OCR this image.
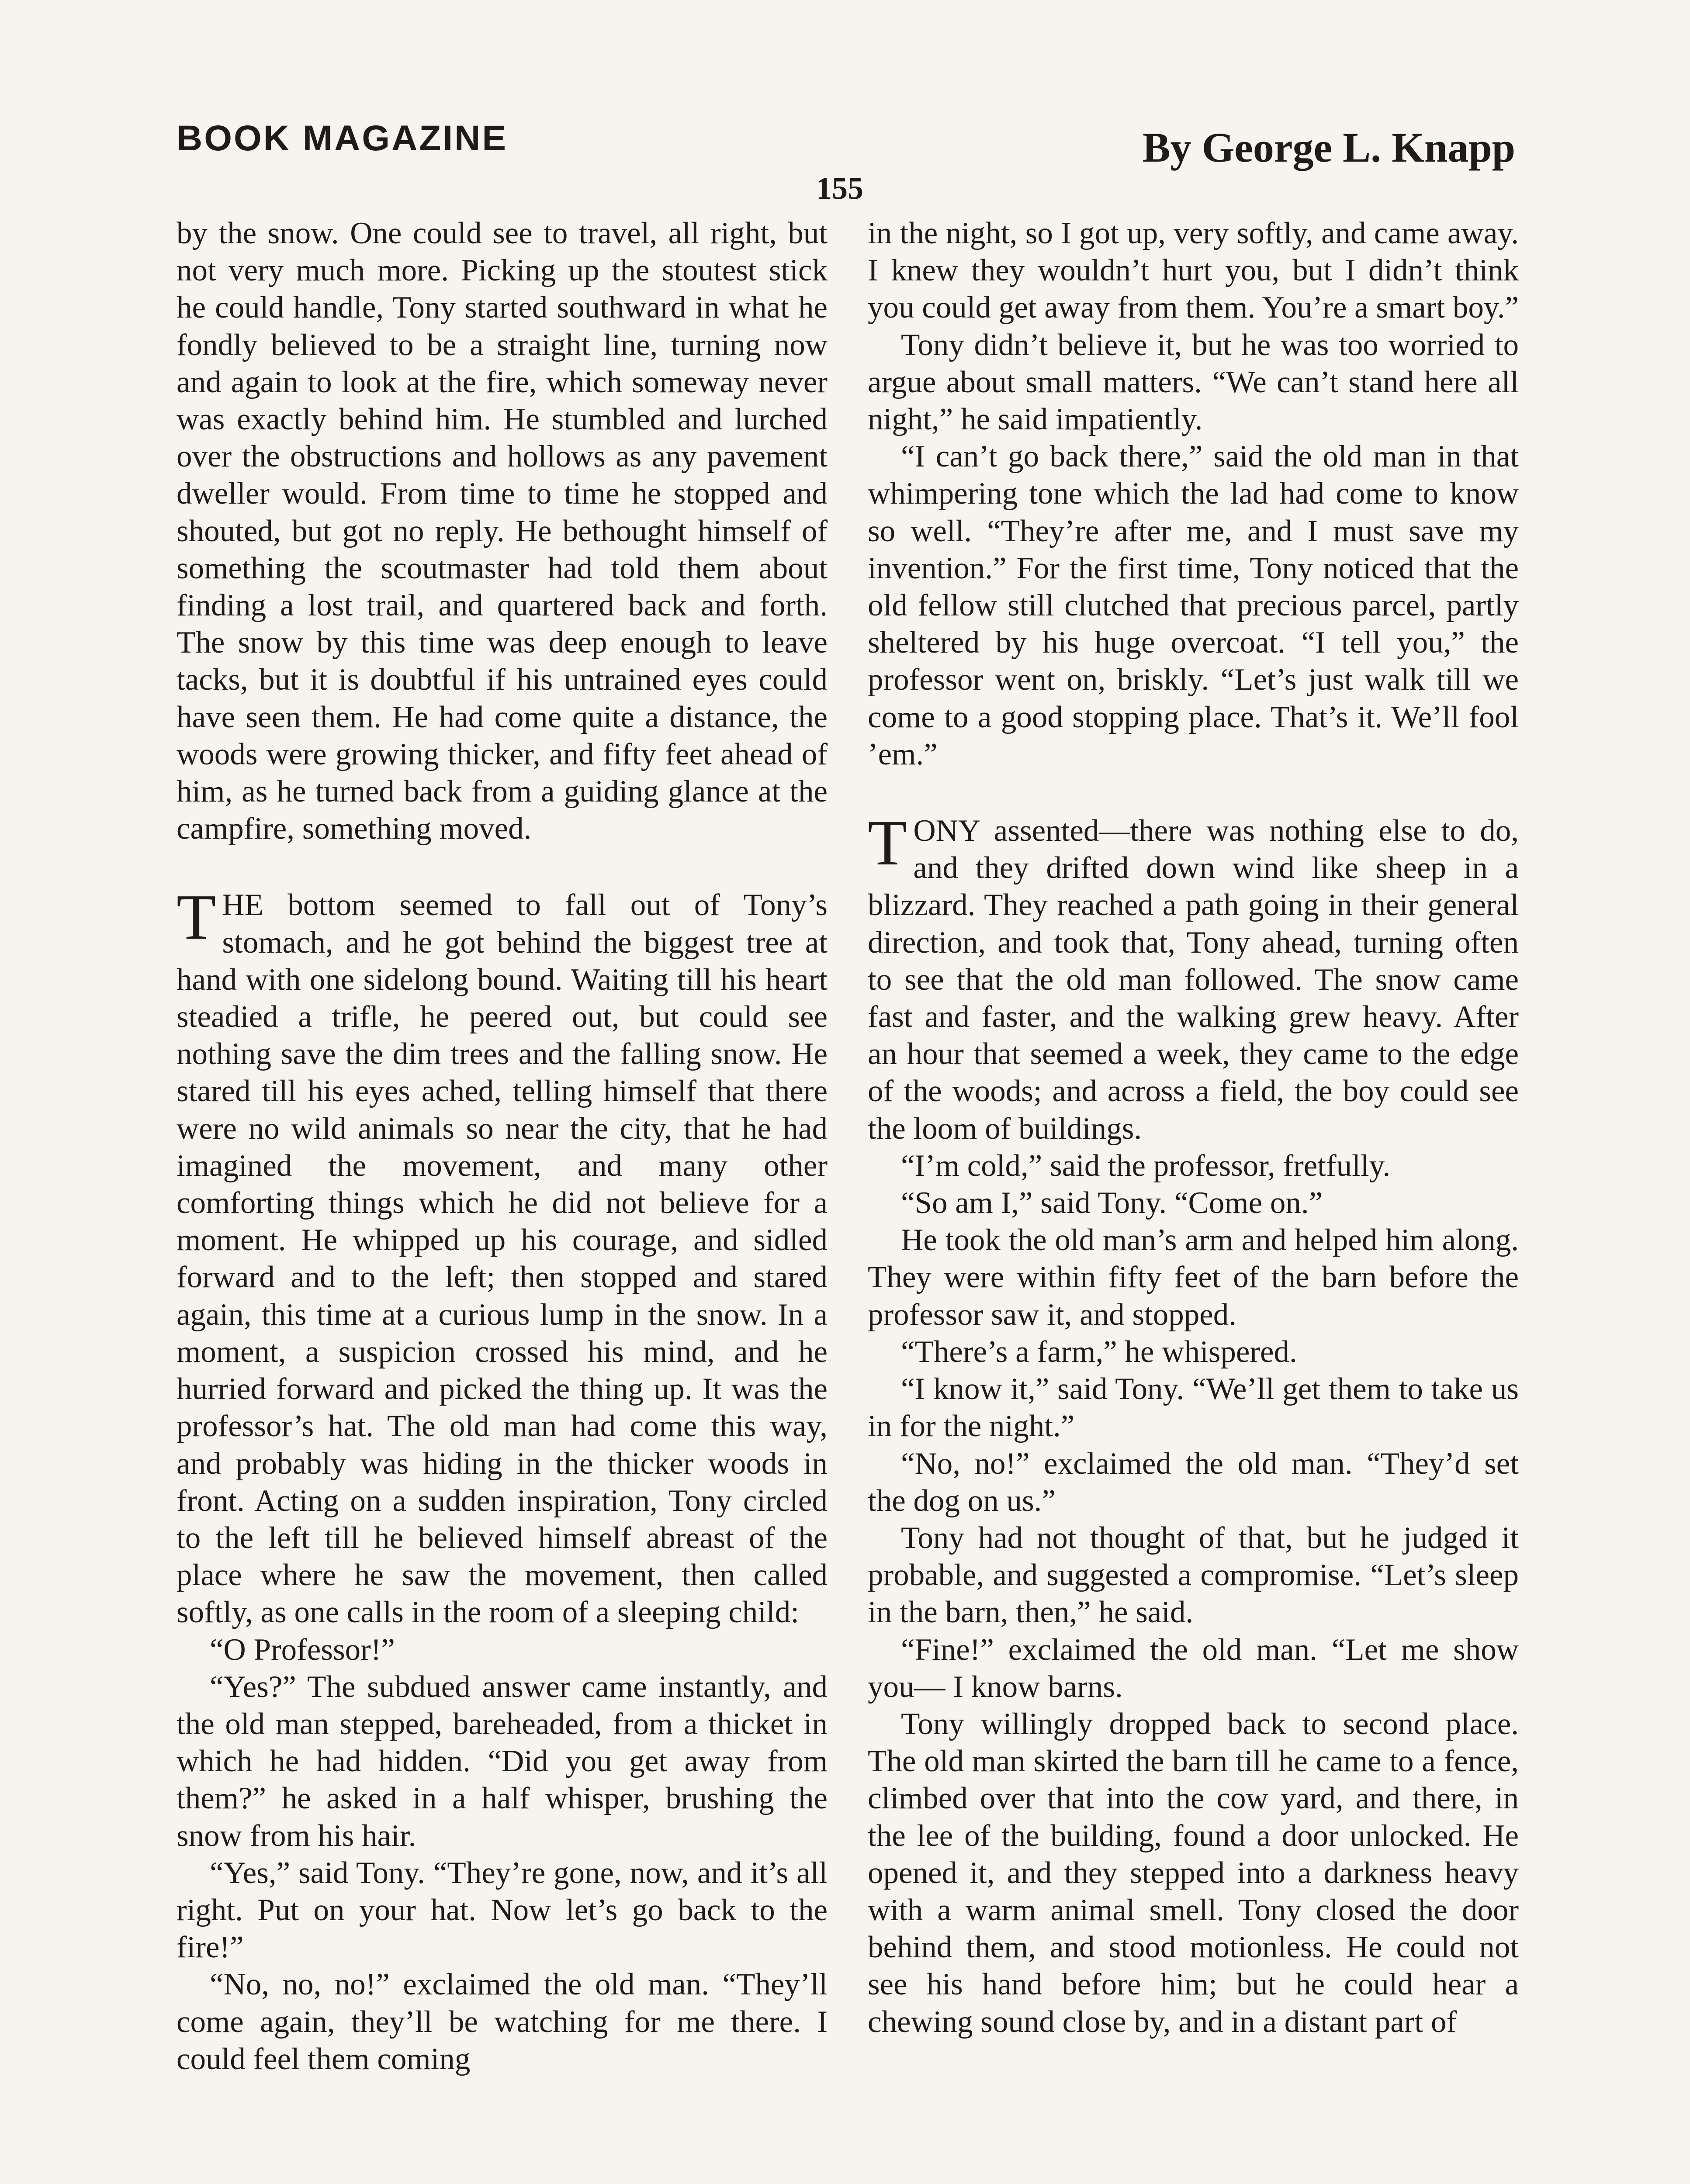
BOOK MAGAZINE	By George L. Knapp
155

by the snow. One could see to travel, all right, but not very much more. Picking up the stoutest stick he could handle, Tony started southward in what he fondly believed to be a straight line, turning now and again to look at the fire, which someway never was exactly behind him. He stumbled and lurched over the obstructions and hollows as any pavement dweller would. From time to time he stopped and shouted, but got no reply. He bethought himself of something the scoutmaster had told them about finding a lost trail, and quartered back and forth. The snow by this time was deep enough to leave tacks, but it is doubtful if his untrained eyes could have seen them. He had come quite a distance, the woods were growing thicker, and fifty feet ahead of him, as he turned back from a guiding glance at the campfire, something moved.

THE bottom seemed to fall out of Tony’s stomach, and he got behind the biggest tree at hand with one sidelong bound. Waiting till his heart steadied a trifle, he peered out, but could see nothing save the dim trees and the falling snow. He stared till his eyes ached, telling himself that there were no wild animals so near the city, that he had imagined the movement, and many other comforting things which he did not believe for a moment. He whipped up his courage, and sidled forward and to the left; then stopped and stared again, this time at a curious lump in the snow. In a moment, a suspicion crossed his mind, and he hurried forward and picked the thing up. It was the professor’s hat. The old man had come this way, and probably was hiding in the thicker woods in front. Acting on a sudden inspiration, Tony circled to the left till he believed himself abreast of the place where he saw the movement, then called softly, as one calls in the room of a sleeping child:

“O Professor!”

“Yes?” The subdued answer came instantly, and the old man stepped, bareheaded, from a thicket in which he had hidden. “Did you get away from them?” he asked in a half whisper, brushing the snow from his hair.

“Yes,” said Tony. “They’re gone, now, and it’s all right. Put on your hat. Now let’s go back to the fire!”

“No, no, no!” exclaimed the old man. “They’ll come again, they’ll be watching for me there. I could feel them coming

in the night, so I got up, very softly, and came away. I knew they wouldn’t hurt you, but I didn’t think you could get away from them. You’re a smart boy.”

Tony didn’t believe it, but he was too worried to argue about small matters. “We can’t stand here all night,” he said impatiently.

“I can’t go back there,” said the old man in that whimpering tone which the lad had come to know so well. “They’re after me, and I must save my invention.” For the first time, Tony noticed that the old fellow still clutched that precious parcel, partly sheltered by his huge overcoat. “I tell you,” the professor went on, briskly. “Let’s just walk till we come to a good stopping place. That’s it. We’ll fool ’em.”

TONY assented—there was nothing else to do, and they drifted down wind like sheep in a blizzard. They reached a path going in their general direction, and took that, Tony ahead, turning often to see that the old man followed. The snow came fast and faster, and the walking grew heavy. After an hour that seemed a week, they came to the edge of the woods; and across a field, the boy could see the loom of buildings.

“I’m cold,” said the professor, fretfully.

“So am I,” said Tony. “Come on.”

He took the old man’s arm and helped him along. They were within fifty feet of the barn before the professor saw it, and stopped.

“There’s a farm,” he whispered.

“I know it,” said Tony. “We’ll get them to take us in for the night.”

“No, no!” exclaimed the old man. “They’d set the dog on us.”

Tony had not thought of that, but he judged it probable, and suggested a compromise. “Let’s sleep in the barn, then,” he said.

“Fine!” exclaimed the old man. “Let me show you— I know barns.

Tony willingly dropped back to second place. The old man skirted the barn till he came to a fence, climbed over that into the cow yard, and there, in the lee of the building, found a door unlocked. He opened it, and they stepped into a darkness heavy with a warm animal smell. Tony closed the door behind them, and stood motionless. He could not see his hand before him; but he could hear a chewing sound close by, and in a distant part of
